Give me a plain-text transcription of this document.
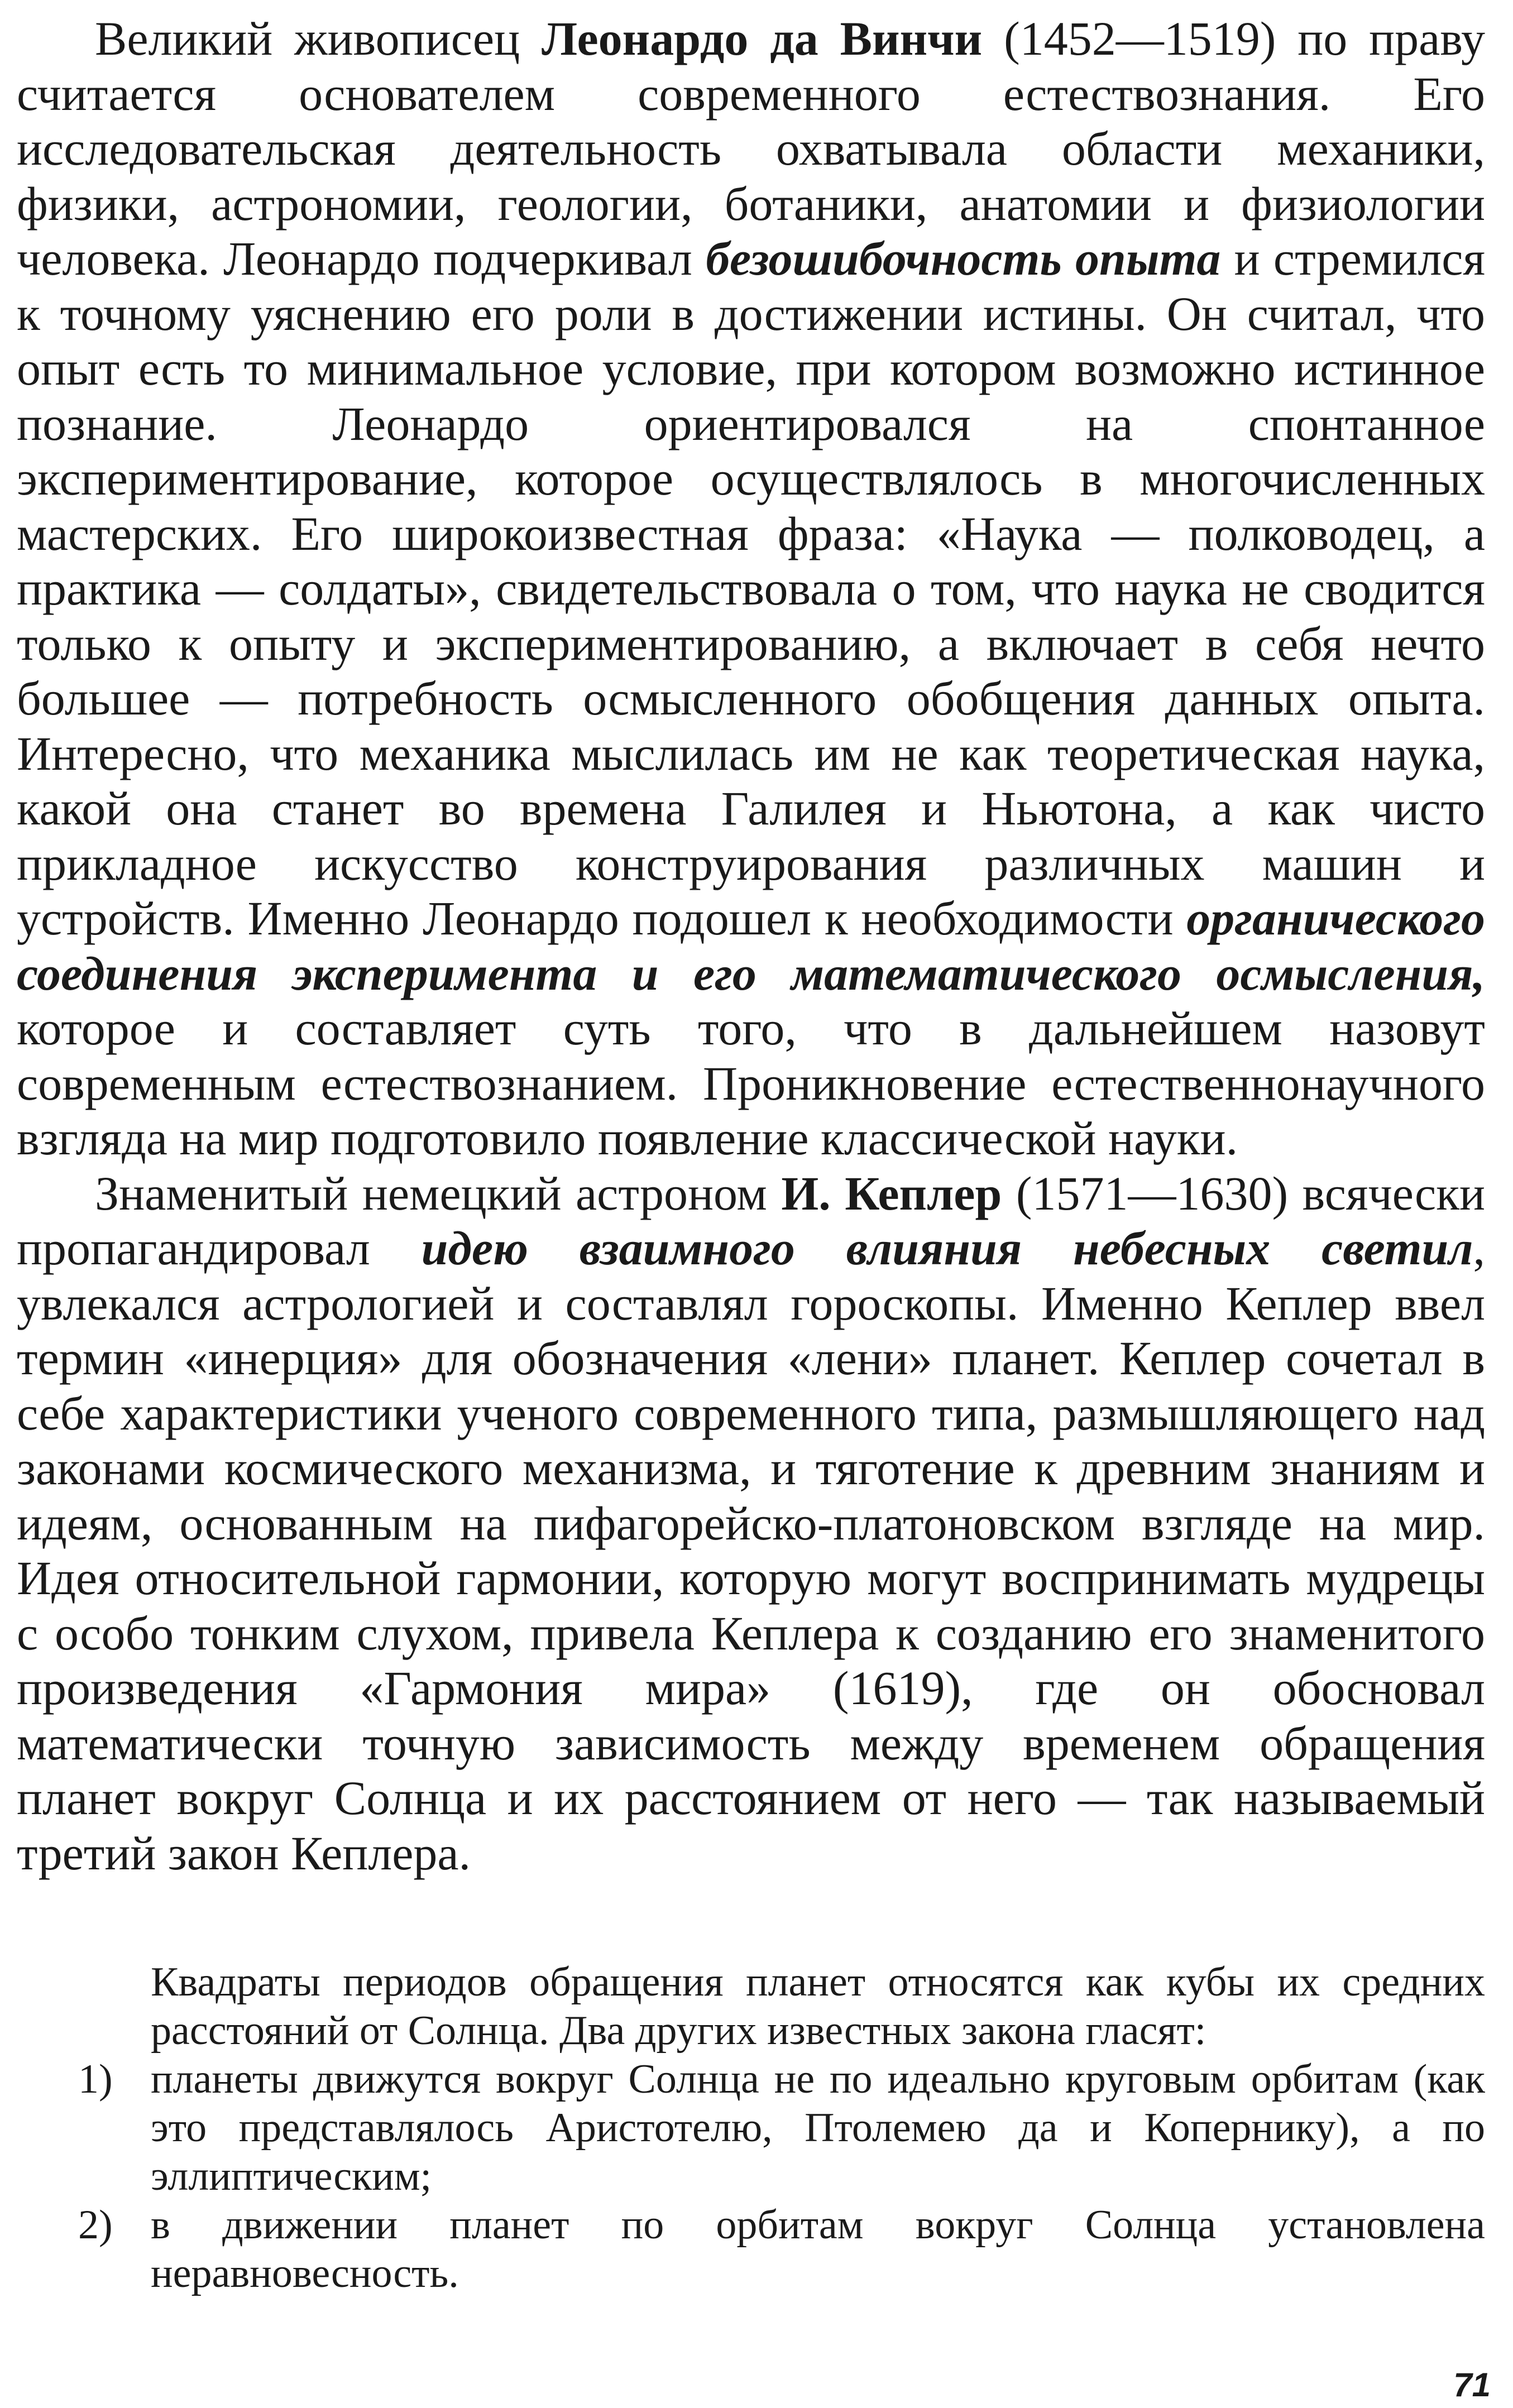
Великий живописец Леонардо да Винчи (1452—1519) по праву считается основателем современного естествознания. Его исследовательская деятельность охватывала области механики, физики, астрономии, геологии, ботаники, анатомии и физиологии человека. Леонардо подчеркивал безошибочность опыта и стремился к точному уяснению его роли в достижении истины. Он считал, что опыт есть то минимальное условие, при котором возможно истинное познание. Леонардо ориентировался на спонтанное экспериментирование, которое осуществлялось в многочисленных мастерских. Его широкоизвестная фраза: «Наука — полководец, а практика — солдаты», свидетельствовала о том, что наука не сводится только к опыту и экспериментированию, а включает в себя нечто большее — потребность осмысленного обобщения данных опыта. Интересно, что механика мыслилась им не как теоретическая наука, какой она станет во времена Галилея и Ньютона, а как чисто прикладное искусство конструирования различных машин и устройств. Именно Леонардо подошел к необходимости органического соединения эксперимента и его математического осмысления, которое и составляет суть того, что в дальнейшем назовут современным естествознанием. Проникновение естественнонаучного взгляда на мир подготовило появление классической науки.

Знаменитый немецкий астроном И. Кеплер (1571—1630) всячески пропагандировал идею взаимного влияния небесных светил, увлекался астрологией и составлял гороскопы. Именно Кеплер ввел термин «инерция» для обозначения «лени» планет. Кеплер сочетал в себе характеристики ученого современного типа, размышляющего над законами космического механизма, и тяготение к древним знаниям и идеям, основанным на пифагорейско-платоновском взгляде на мир. Идея относительной гармонии, которую могут воспринимать мудрецы с особо тонким слухом, привела Кеплера к созданию его знаменитого произведения «Гармония мира» (1619), где он обосновал математически точную зависимость между временем обращения планет вокруг Солнца и их расстоянием от него — так называемый третий закон Кеплера.

Квадраты периодов обращения планет относятся как кубы их средних расстояний от Солнца. Два других известных закона гласят:

1) планеты движутся вокруг Солнца не по идеально круговым орбитам (как это представлялось Аристотелю, Птолемею да и Копернику), а по эллиптическим;
2) в движении планет по орбитам вокруг Солнца установлена неравновесность.
71
